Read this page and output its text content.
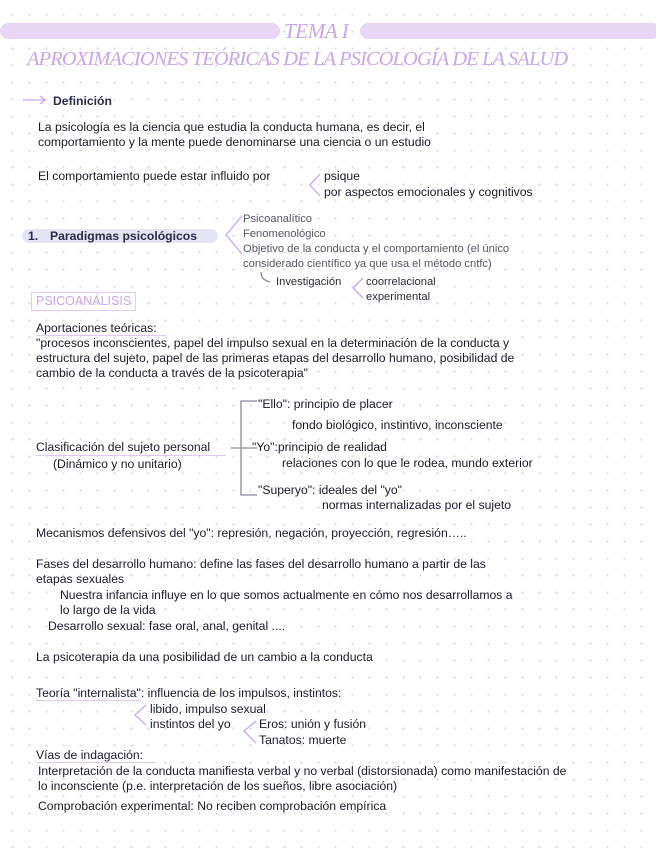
TEMA I
APROXIMACIONES TEÓRICAS DE LA PSICOLOGÍA DE LA SALUD
Definición
La psicología es la ciencia que estudia la conducta humana, es decir, el
comportamiento y la mente puede denominarse una ciencia o un estudio
El comportamiento puede estar influido por	psique
por aspectos emocionales y cognitivos
1. Paradigmas psicológicos
Psicoanalítico
Fenomenológico
Objetivo de la conducta y el comportamiento (el único
considerado científico ya que usa el método cntfc)
Investigación coorrelacional
experimental
PSICOANÁLISIS
Aportaciones teóricas:
"procesos inconscientes, papel del impulso sexual en la determinación de la conducta y
estructura del sujeto, papel de las primeras etapas del desarrollo humano, posibilidad de
cambio de la conducta a través de la psicoterapia"
Clasificación del sujeto personal
(Dinámico y no unitario)
"Ello": principio de placer
fondo biológico, instintivo, inconsciente
"Yo":principio de realidad
relaciones con lo que le rodea, mundo exterior
"Superyo": ideales del "yo"
normas internalizadas por el sujeto
Mecanismos defensivos del "yo": represión, negación, proyección, regresión…..
Fases del desarrollo humano: define las fases del desarrollo humano a partir de las
etapas sexuales
Nuestra infancia influye en lo que somos actualmente en cómo nos desarrollamos a
lo largo de la vida
Desarrollo sexual: fase oral, anal, genital ....
La psicoterapia da una posibilidad de un cambio a la conducta
Teoría "internalista": influencia de los impulsos, instintos:
libido, impulso sexual
instintos del yo Eros: unión y fusión
Tanatos: muerte
Vías de indagación:
Interpretación de la conducta manifiesta verbal y no verbal (distorsionada) como manifestación de
lo inconsciente (p.e. interpretación de los sueños, libre asociación)
Comprobación experimental: No reciben comprobación empírica
